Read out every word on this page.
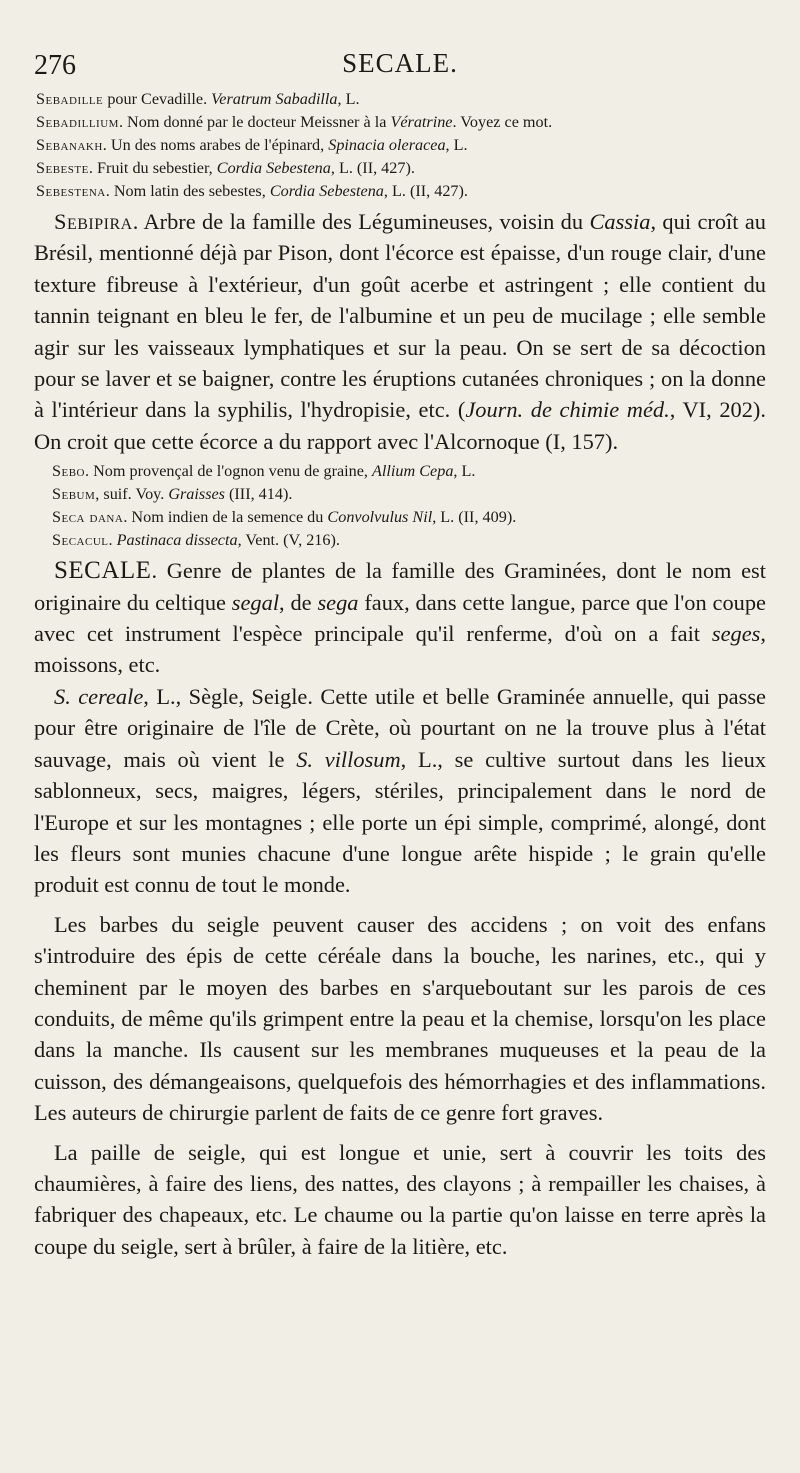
276	SECALE.
Sebadille pour Cevadille. Veratrum Sabadilla, L.
Sebadillium. Nom donné par le docteur Meissner à la Vératrine. Voyez ce mot.
Sebanakh. Un des noms arabes de l'épinard, Spinacia oleracea, L.
Sebeste. Fruit du sebestier, Cordia Sebestena, L. (II, 427).
Sebestena. Nom latin des sebestes, Cordia Sebestena, L. (II, 427).

Sebipira. Arbre de la famille des Légumineuses, voisin du Cassia, qui croît au Brésil, mentionné déjà par Pison, dont l'écorce est épaisse, d'un rouge clair, d'une texture fibreuse à l'extérieur, d'un goût acerbe et astringent ; elle contient du tannin teignant en bleu le fer, de l'albumine et un peu de mucilage ; elle semble agir sur les vaisseaux lymphatiques et sur la peau. On se sert de sa décoction pour se laver et se baigner, contre les éruptions cutanées chroniques ; on la donne à l'intérieur dans la syphilis, l'hydropisie, etc. (Journ. de chimie méd., VI, 202). On croit que cette écorce a du rapport avec l'Alcornoque (I, 157).

Sebo. Nom provençal de l'ognon venu de graine, Allium Cepa, L.
Sebum, suif. Voy. Graisses (III, 414).
Seca dana. Nom indien de la semence du Convolvulus Nil, L. (II, 409).
Secacul. Pastinaca dissecta, Vent. (V, 216).

SECALE. Genre de plantes de la famille des Graminées, dont le nom est originaire du celtique segal, de sega faux, dans cette langue, parce que l'on coupe avec cet instrument l'espèce principale qu'il renferme, d'où on a fait seges, moissons, etc.

S. cereale, L., Sègle, Seigle. Cette utile et belle Graminée annuelle, qui passe pour être originaire de l'île de Crète, où pourtant on ne la trouve plus à l'état sauvage, mais où vient le S. villosum, L., se cultive surtout dans les lieux sablonneux, secs, maigres, légers, stériles, principalement dans le nord de l'Europe et sur les montagnes ; elle porte un épi simple, comprimé, alongé, dont les fleurs sont munies chacune d'une longue arête hispide ; le grain qu'elle produit est connu de tout le monde.

Les barbes du seigle peuvent causer des accidens ; on voit des enfans s'introduire des épis de cette céréale dans la bouche, les narines, etc., qui y cheminent par le moyen des barbes en s'arqueboutant sur les parois de ces conduits, de même qu'ils grimpent entre la peau et la chemise, lorsqu'on les place dans la manche. Ils causent sur les membranes muqueuses et la peau de la cuisson, des démangeaisons, quelquefois des hémorrhagies et des inflammations. Les auteurs de chirurgie parlent de faits de ce genre fort graves.

La paille de seigle, qui est longue et unie, sert à couvrir les toits des chaumières, à faire des liens, des nattes, des clayons ; à rempailler les chaises, à fabriquer des chapeaux, etc. Le chaume ou la partie qu'on laisse en terre après la coupe du seigle, sert à brûler, à faire de la litière, etc.
